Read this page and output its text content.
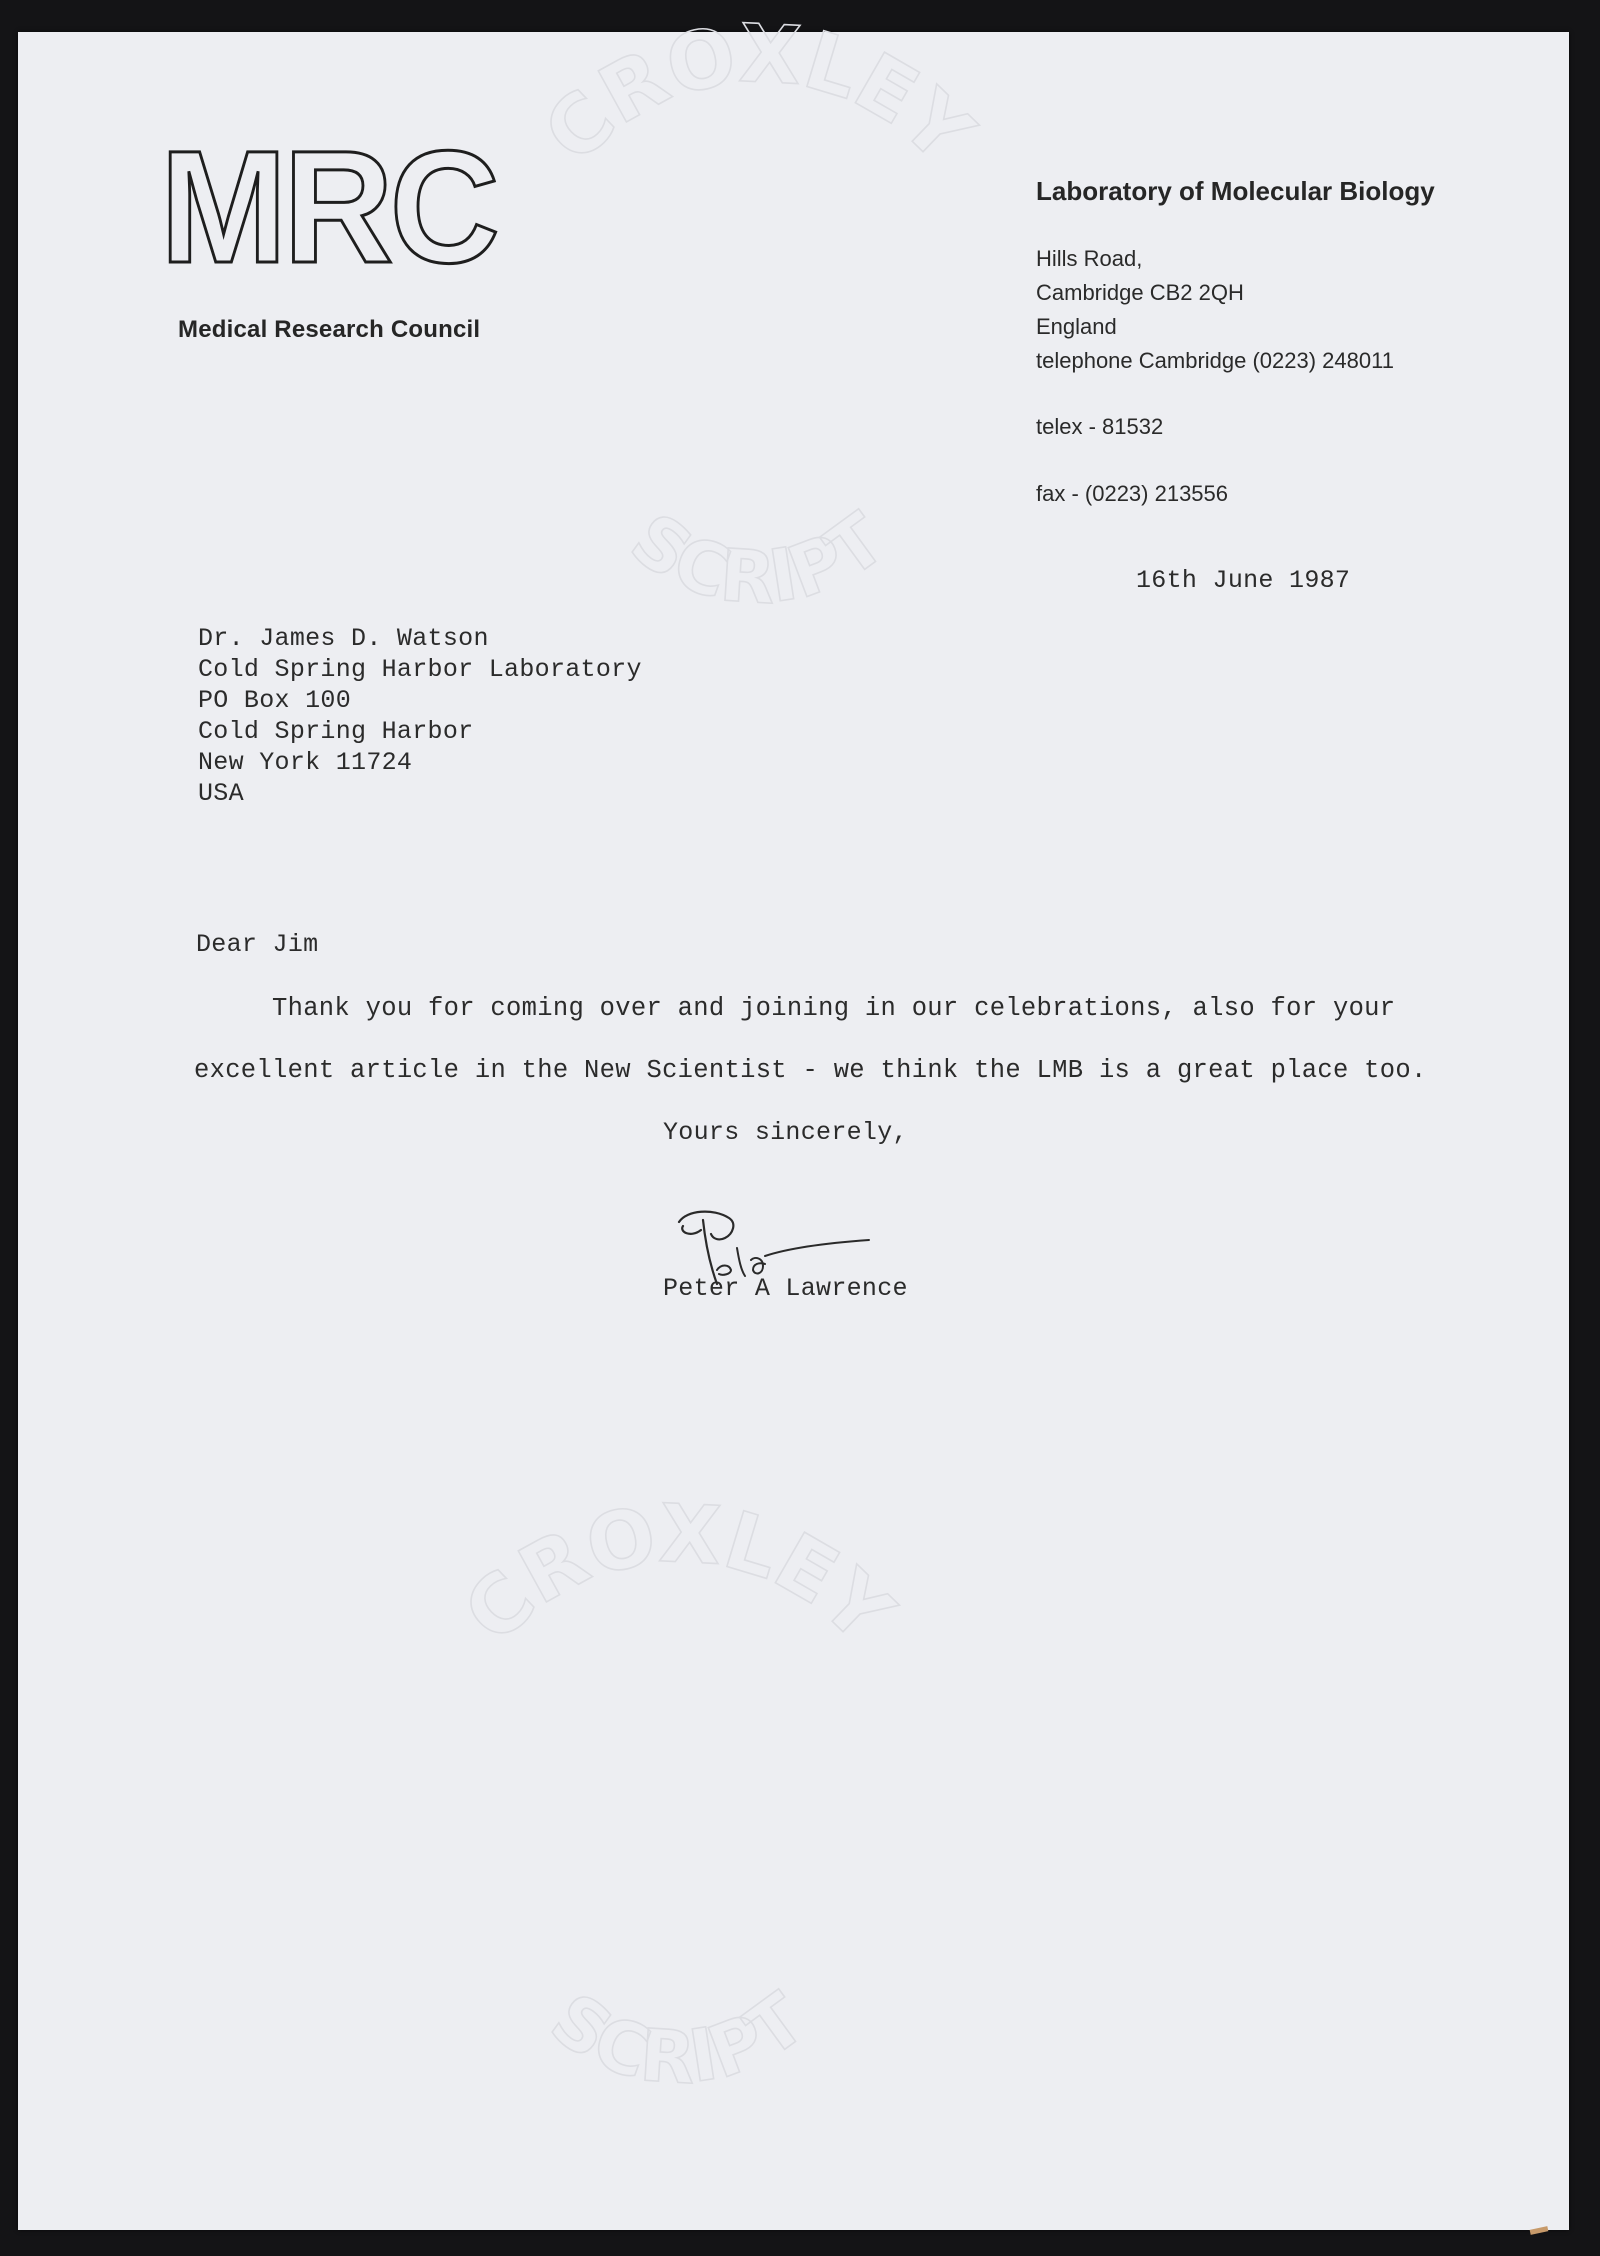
CROXLEY
SCRIPT
CROXLEY
SCRIPT
MRC
Medical Research Council
Laboratory of Molecular Biology
Hills Road,
Cambridge CB2 2QH
England
telephone Cambridge (0223) 248011
telex - 81532
fax - (0223) 213556
16th June 1987
Dr. James D. Watson
Cold Spring Harbor Laboratory
PO Box 100
Cold Spring Harbor
New York 11724
USA
Dear Jim
Thank you for coming over and joining in our celebrations, also for your
excellent article in the New Scientist - we think the LMB is a great place too.
Yours sincerely,
Peter A Lawrence
